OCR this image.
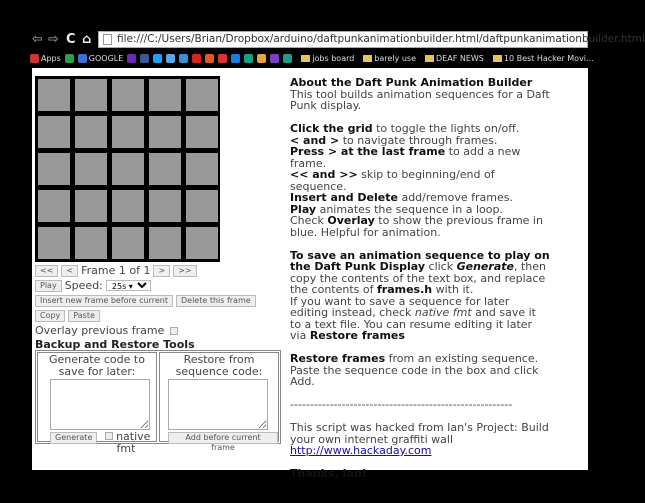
⇦ ⇨ C ⌂	file:///C:/Users/Brian/Dropbox/arduino/daftpunkanimationbuilder.html/daftpunkanimationbuilder.html
Apps	GOOGLE	jobs board	barely use	DEAF NEWS	10 Best Hacker Movi...
<<	< Frame 1 of 1	>	>>
Play Speed:
25s ▾
Insert new frame before current	Delete this frame
Copy	Paste
Overlay previous frame
Backup and Restore Tools
Generate code to save for later:
Generate	native fmt
Restore from sequence code:
Add before current frame

About the Daft Punk Animation Builder
This tool builds animation sequences for a Daft Punk display.

Click the grid to toggle the lights on/off.
< and > to navigate through frames.
Press > at the last frame to add a new frame.
<< and >> skip to beginning/end of sequence.
Insert and Delete add/remove frames.
Play animates the sequence in a loop.
Check Overlay to show the previous frame in blue. Helpful for animation.

To save an animation sequence to play on the Daft Punk Display click Generate, then copy the contents of the text box, and replace the contents of frames.h with it.
If you want to save a sequence for later editing instead, check native fmt and save it to a text file. You can resume editing it later via Restore frames

Restore frames from an existing sequence. Paste the sequence code in the box and click Add.

--------------------------------------------------------

This script was hacked from Ian's Project: Build your own internet graffiti wall
http://www.hackaday.com

Thanks, Ian!
